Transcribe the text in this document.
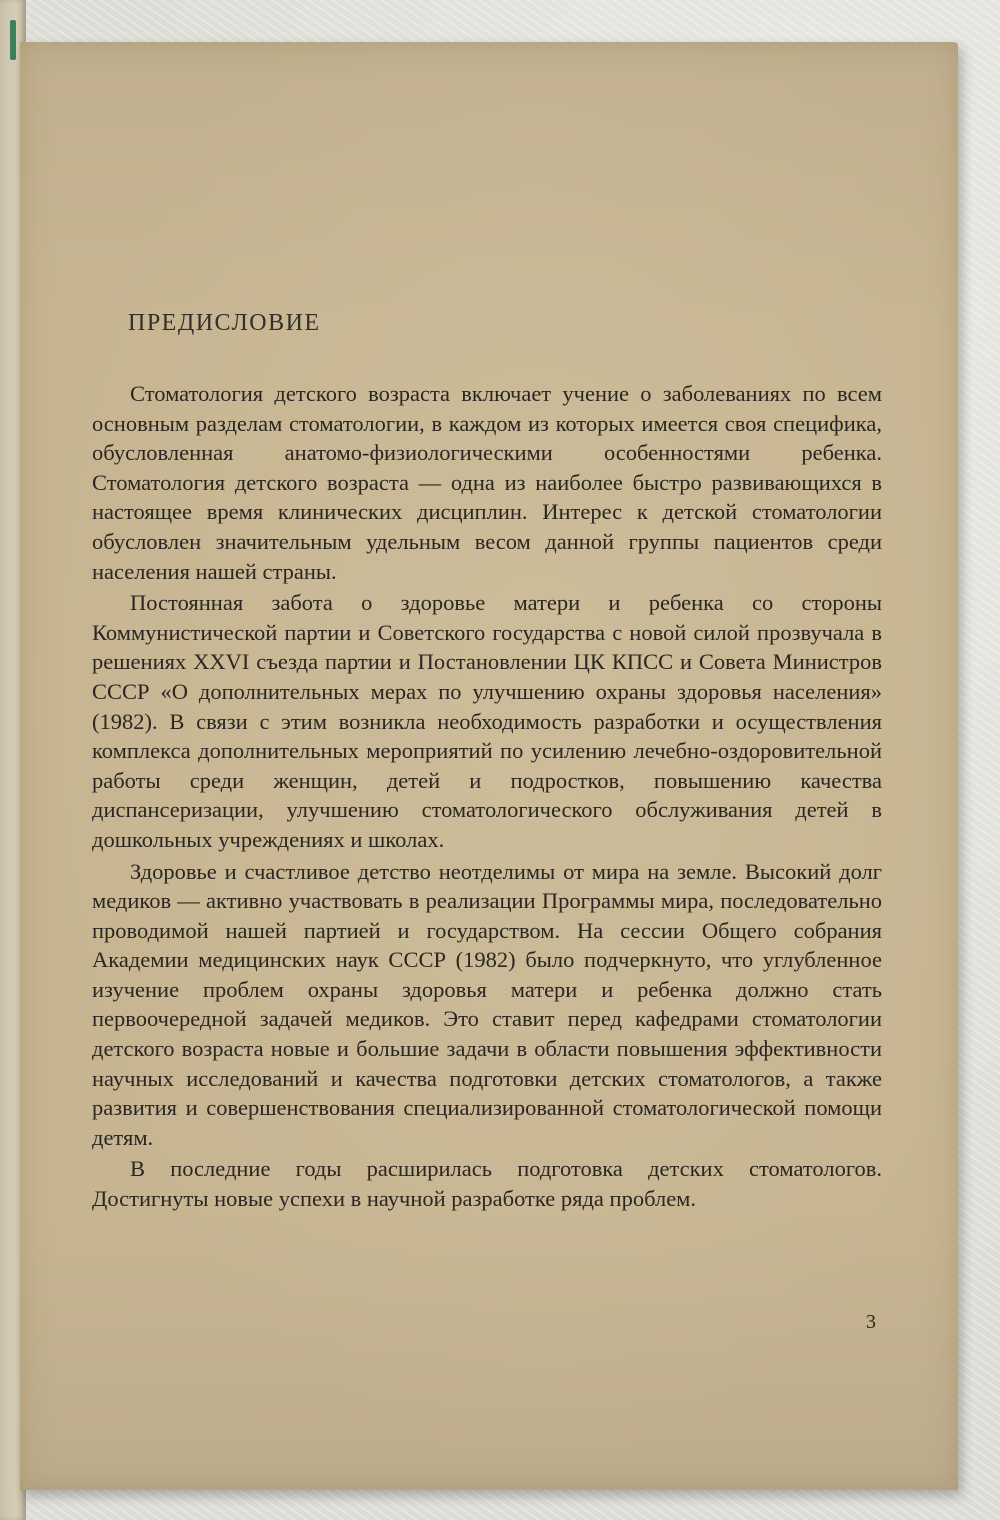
ПРЕДИСЛОВИЕ

Стоматология детского возраста включает учение о заболеваниях по всем основным разделам стоматологии, в каждом из которых имеется своя специфика, обусловленная анатомо-физиологическими особенностями ребенка. Стоматология детского возраста — одна из наиболее быстро развивающихся в настоящее время клинических дисциплин. Интерес к детской стоматологии обусловлен значительным удельным весом данной группы пациентов среди населения нашей страны.

Постоянная забота о здоровье матери и ребенка со стороны Коммунистической партии и Советского государства с новой силой прозвучала в решениях XXVI съезда партии и Постановлении ЦК КПСС и Совета Министров СССР «О дополнительных мерах по улучшению охраны здоровья населения» (1982). В связи с этим возникла необходимость разработки и осуществления комплекса дополнительных мероприятий по усилению лечебно-оздоровительной работы среди женщин, детей и подростков, повышению качества диспансеризации, улучшению стоматологического обслуживания детей в дошкольных учреждениях и школах.

Здоровье и счастливое детство неотделимы от мира на земле. Высокий долг медиков — активно участвовать в реализации Программы мира, последовательно проводимой нашей партией и государством. На сессии Общего собрания Академии медицинских наук СССР (1982) было подчеркнуто, что углубленное изучение проблем охраны здоровья матери и ребенка должно стать первоочередной задачей медиков. Это ставит перед кафедрами стоматологии детского возраста новые и большие задачи в области повышения эффективности научных исследований и качества подготовки детских стоматологов, а также развития и совершенствования специализированной стоматологической помощи детям.

В последние годы расширилась подготовка детских стоматологов. Достигнуты новые успехи в научной разработке ряда проблем.

3
